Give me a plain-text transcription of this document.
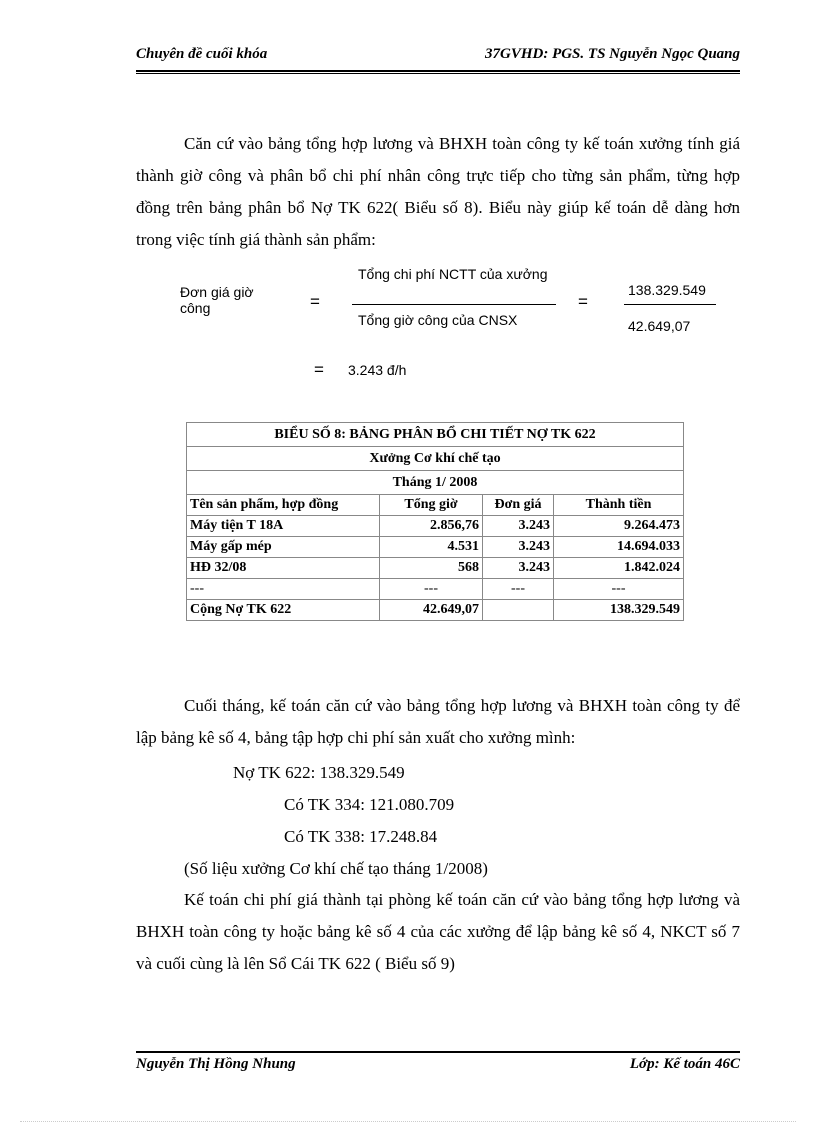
Chuyên đề cuối khóa	37GVHD: PGS. TS Nguyễn Ngọc Quang

Căn cứ vào bảng tổng hợp lương và BHXH toàn công ty kế toán xưởng tính giá thành giờ công và phân bổ chi phí nhân công trực tiếp cho từng sản phẩm, từng hợp đồng trên bảng phân bổ Nợ TK 622( Biểu số 8). Biểu này giúp kế toán dễ dàng hơn trong việc tính giá thành sản phẩm:

Đơn giá giờ công	=
Tổng chi phí NCTT của xưởng
Tổng giờ công của CNSX
=
138.329.549
42.649,07
= 3.243 đ/h
BIỂU SỐ 8: BẢNG PHÂN BỔ CHI TIẾT NỢ TK 622			
Xưởng Cơ khí chế tạo			
Tháng 1/ 2008			
Tên sản phẩm, hợp đồng	Tổng giờ	Đơn giá	Thành tiền
Máy tiện T 18A	2.856,76	3.243	9.264.473
Máy gấp mép	4.531	3.243	14.694.033
HĐ 32/08	568	3.243	1.842.024
---	---	---	---
Cộng Nợ TK 622	42.649,07		138.329.549

Cuối tháng, kế toán căn cứ vào bảng tổng hợp lương và BHXH toàn công ty để lập bảng kê số 4, bảng tập hợp chi phí sản xuất cho xưởng mình:

Nợ TK 622: 138.329.549
Có TK 334: 121.080.709
Có TK 338: 17.248.84
(Số liệu xưởng Cơ khí chế tạo tháng 1/2008)

Kế toán chi phí giá thành tại phòng kế toán căn cứ vào bảng tổng hợp lương và BHXH toàn công ty hoặc bảng kê số 4 của các xưởng để lập bảng kê số 4, NKCT số 7 và cuối cùng là lên Sổ Cái TK 622 ( Biểu số 9)

Nguyễn Thị Hồng Nhung	Lớp: Kế toán 46C
